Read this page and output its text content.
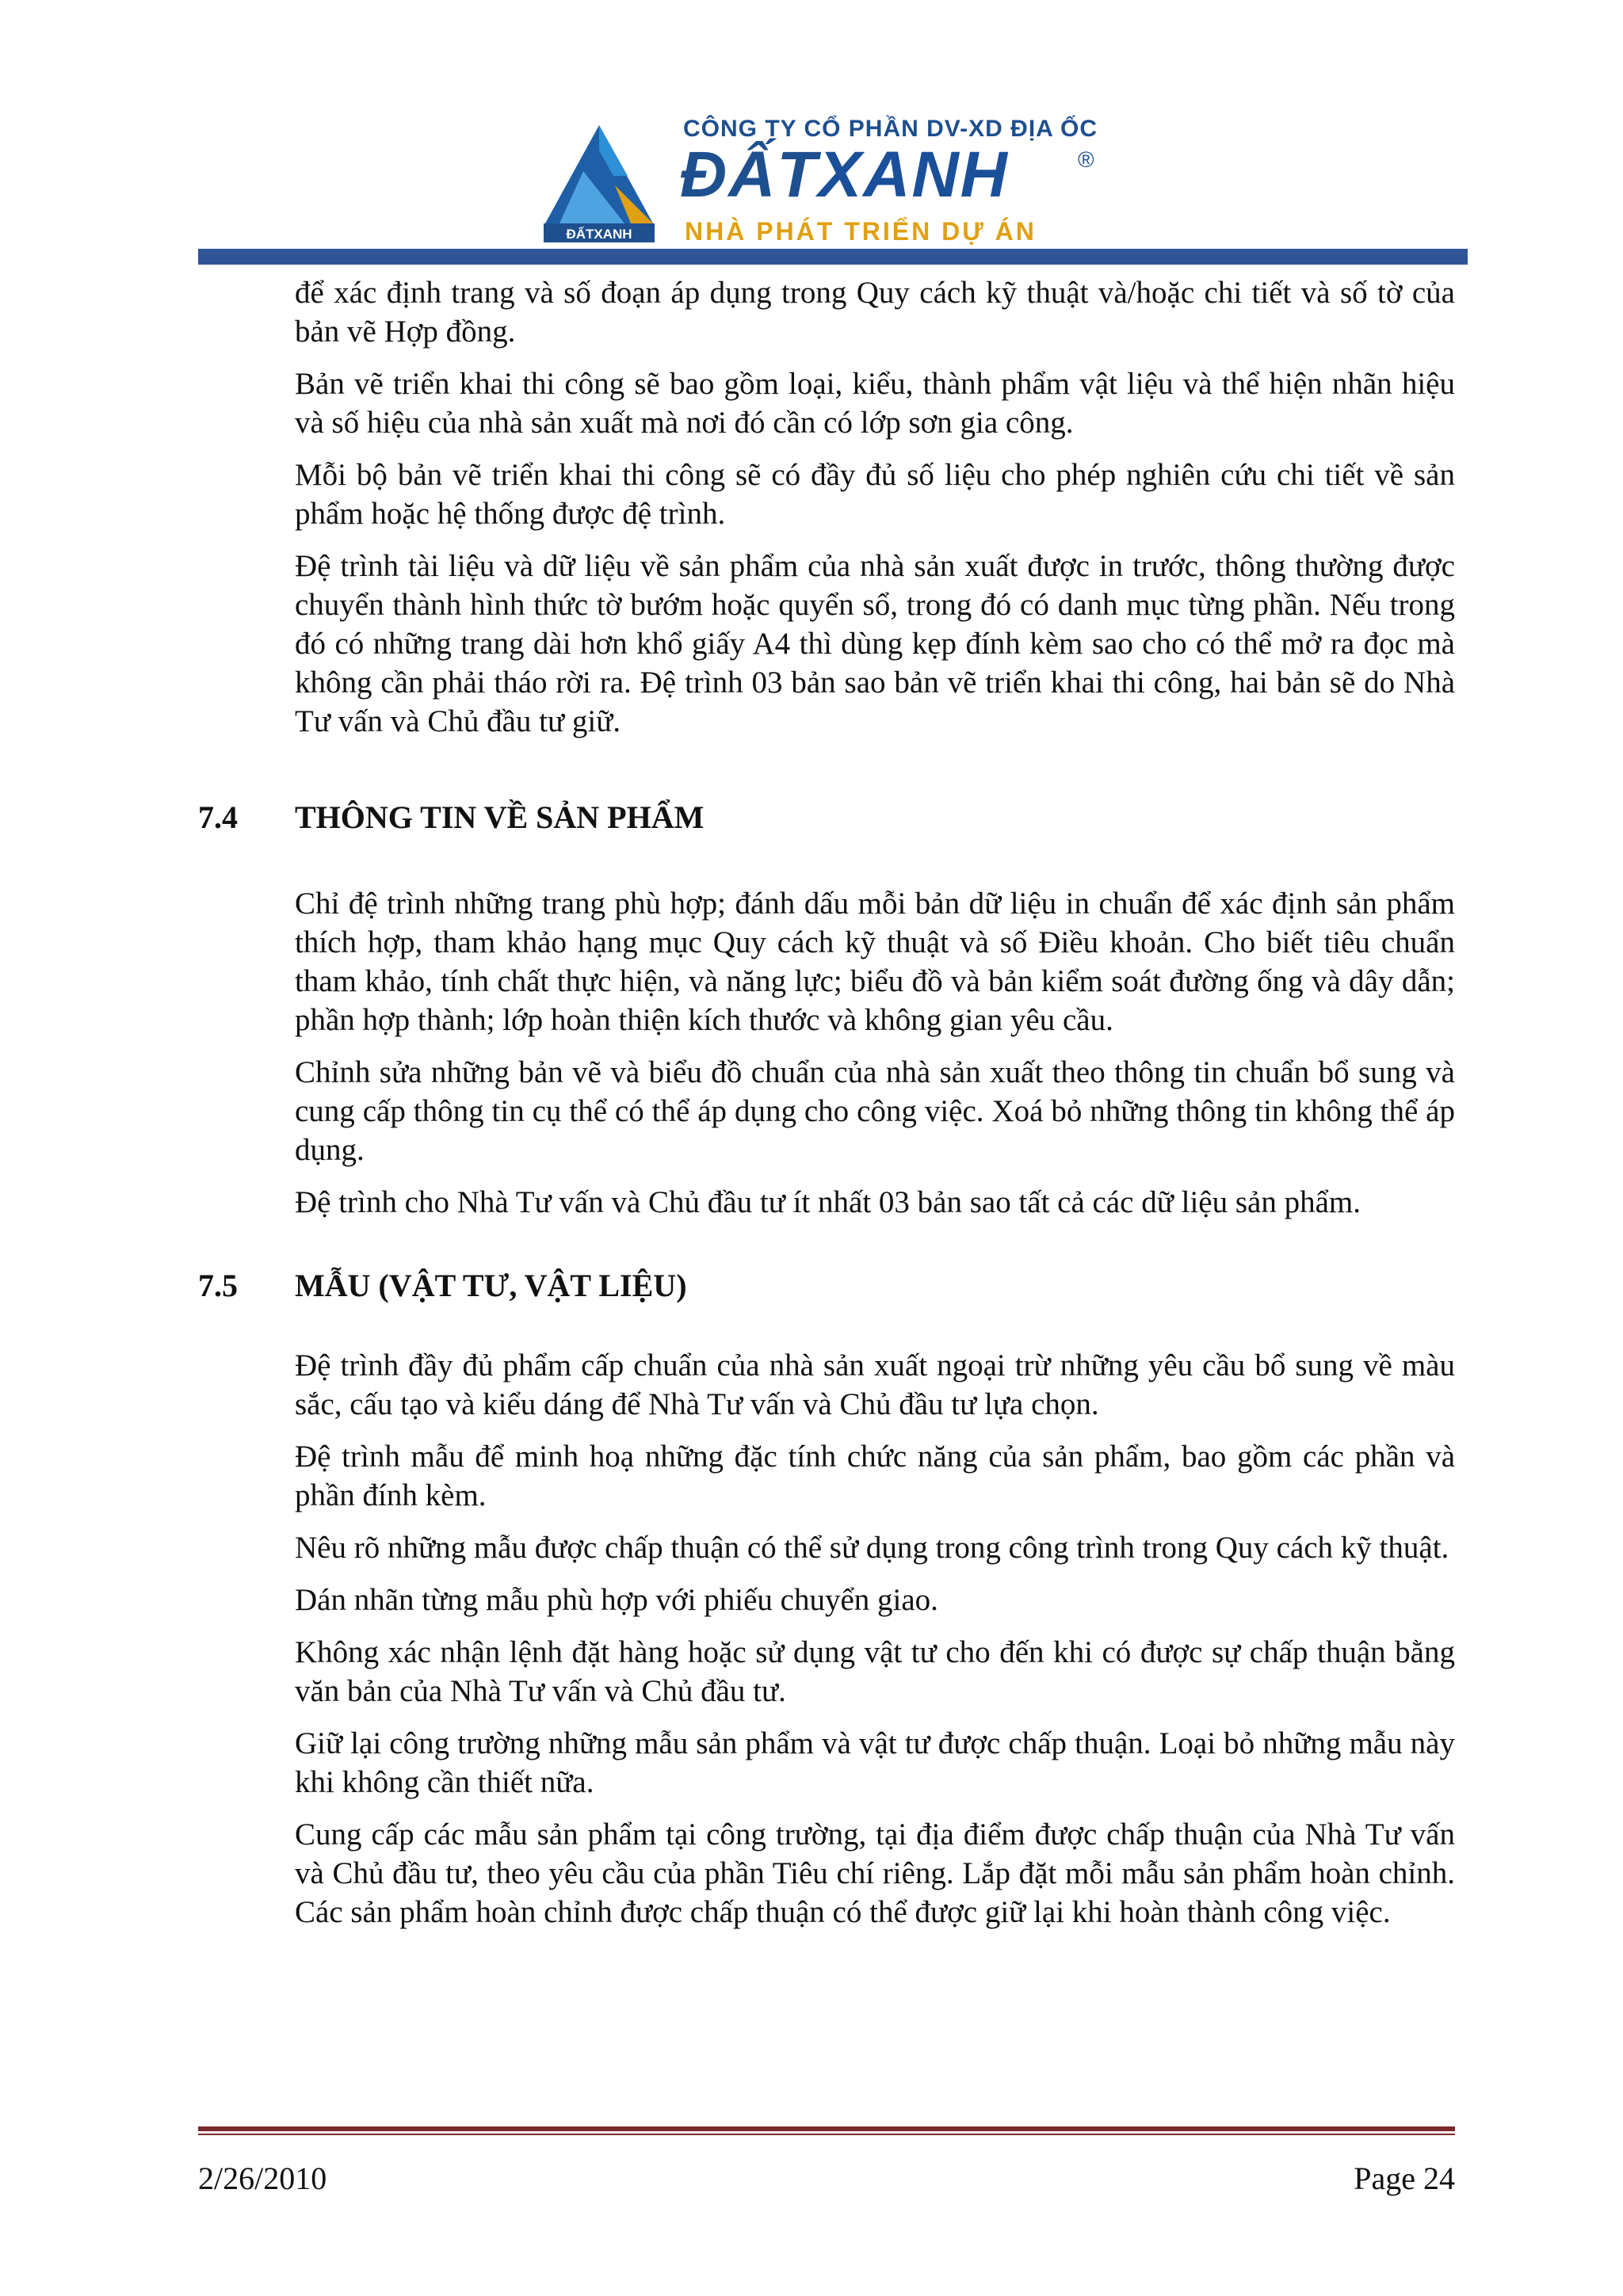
ĐẤTXANH
CÔNG TY CỔ PHẦN DV-XD ĐỊA ỐC
ĐẤTXANH	®
NHÀ PHÁT TRIỂN DỰ ÁN

để xác định trang và số đoạn áp dụng trong Quy cách kỹ thuật và/hoặc chi tiết và số tờ của bản vẽ Hợp đồng.

Bản vẽ triển khai thi công sẽ bao gồm loại, kiểu, thành phẩm vật liệu và thể hiện nhãn hiệu và số hiệu của nhà sản xuất mà nơi đó cần có lớp sơn gia công.

Mỗi bộ bản vẽ triển khai thi công sẽ có đầy đủ số liệu cho phép nghiên cứu chi tiết về sản phẩm hoặc hệ thống được đệ trình.

Đệ trình tài liệu và dữ liệu về sản phẩm của nhà sản xuất được in trước, thông thường được chuyển thành hình thức tờ bướm hoặc quyển sổ, trong đó có danh mục từng phần. Nếu trong đó có những trang dài hơn khổ giấy A4 thì dùng kẹp đính kèm sao cho có thể mở ra đọc mà không cần phải tháo rời ra. Đệ trình 03 bản sao bản vẽ triển khai thi công, hai bản sẽ do Nhà Tư vấn và Chủ đầu tư giữ.

7.4	THÔNG TIN VỀ SẢN PHẨM

Chỉ đệ trình những trang phù hợp; đánh dấu mỗi bản dữ liệu in chuẩn để xác định sản phẩm thích hợp, tham khảo hạng mục Quy cách kỹ thuật và số Điều khoản. Cho biết tiêu chuẩn tham khảo, tính chất thực hiện, và năng lực; biểu đồ và bản kiểm soát đường ống và dây dẫn; phần hợp thành; lớp hoàn thiện kích thước và không gian yêu cầu.

Chỉnh sửa những bản vẽ và biểu đồ chuẩn của nhà sản xuất theo thông tin chuẩn bổ sung và cung cấp thông tin cụ thể có thể áp dụng cho công việc. Xoá bỏ những thông tin không thể áp dụng.

Đệ trình cho Nhà Tư vấn và Chủ đầu tư ít nhất 03 bản sao tất cả các dữ liệu sản phẩm.

7.5	MẪU (VẬT TƯ, VẬT LIỆU)

Đệ trình đầy đủ phẩm cấp chuẩn của nhà sản xuất ngoại trừ những yêu cầu bổ sung về màu sắc, cấu tạo và kiểu dáng để Nhà Tư vấn và Chủ đầu tư lựa chọn.

Đệ trình mẫu để minh hoạ những đặc tính chức năng của sản phẩm, bao gồm các phần và phần đính kèm.

Nêu rõ những mẫu được chấp thuận có thể sử dụng trong công trình trong Quy cách kỹ thuật.

Dán nhãn từng mẫu phù hợp với phiếu chuyển giao.

Không xác nhận lệnh đặt hàng hoặc sử dụng vật tư cho đến khi có được sự chấp thuận bằng văn bản của Nhà Tư vấn và Chủ đầu tư.

Giữ lại công trường những mẫu sản phẩm và vật tư được chấp thuận. Loại bỏ những mẫu này khi không cần thiết nữa.

Cung cấp các mẫu sản phẩm tại công trường, tại địa điểm được chấp thuận của Nhà Tư vấn và Chủ đầu tư, theo yêu cầu của phần Tiêu chí riêng. Lắp đặt mỗi mẫu sản phẩm hoàn chỉnh. Các sản phẩm hoàn chỉnh được chấp thuận có thể được giữ lại khi hoàn thành công việc.

2/26/2010	Page 24
